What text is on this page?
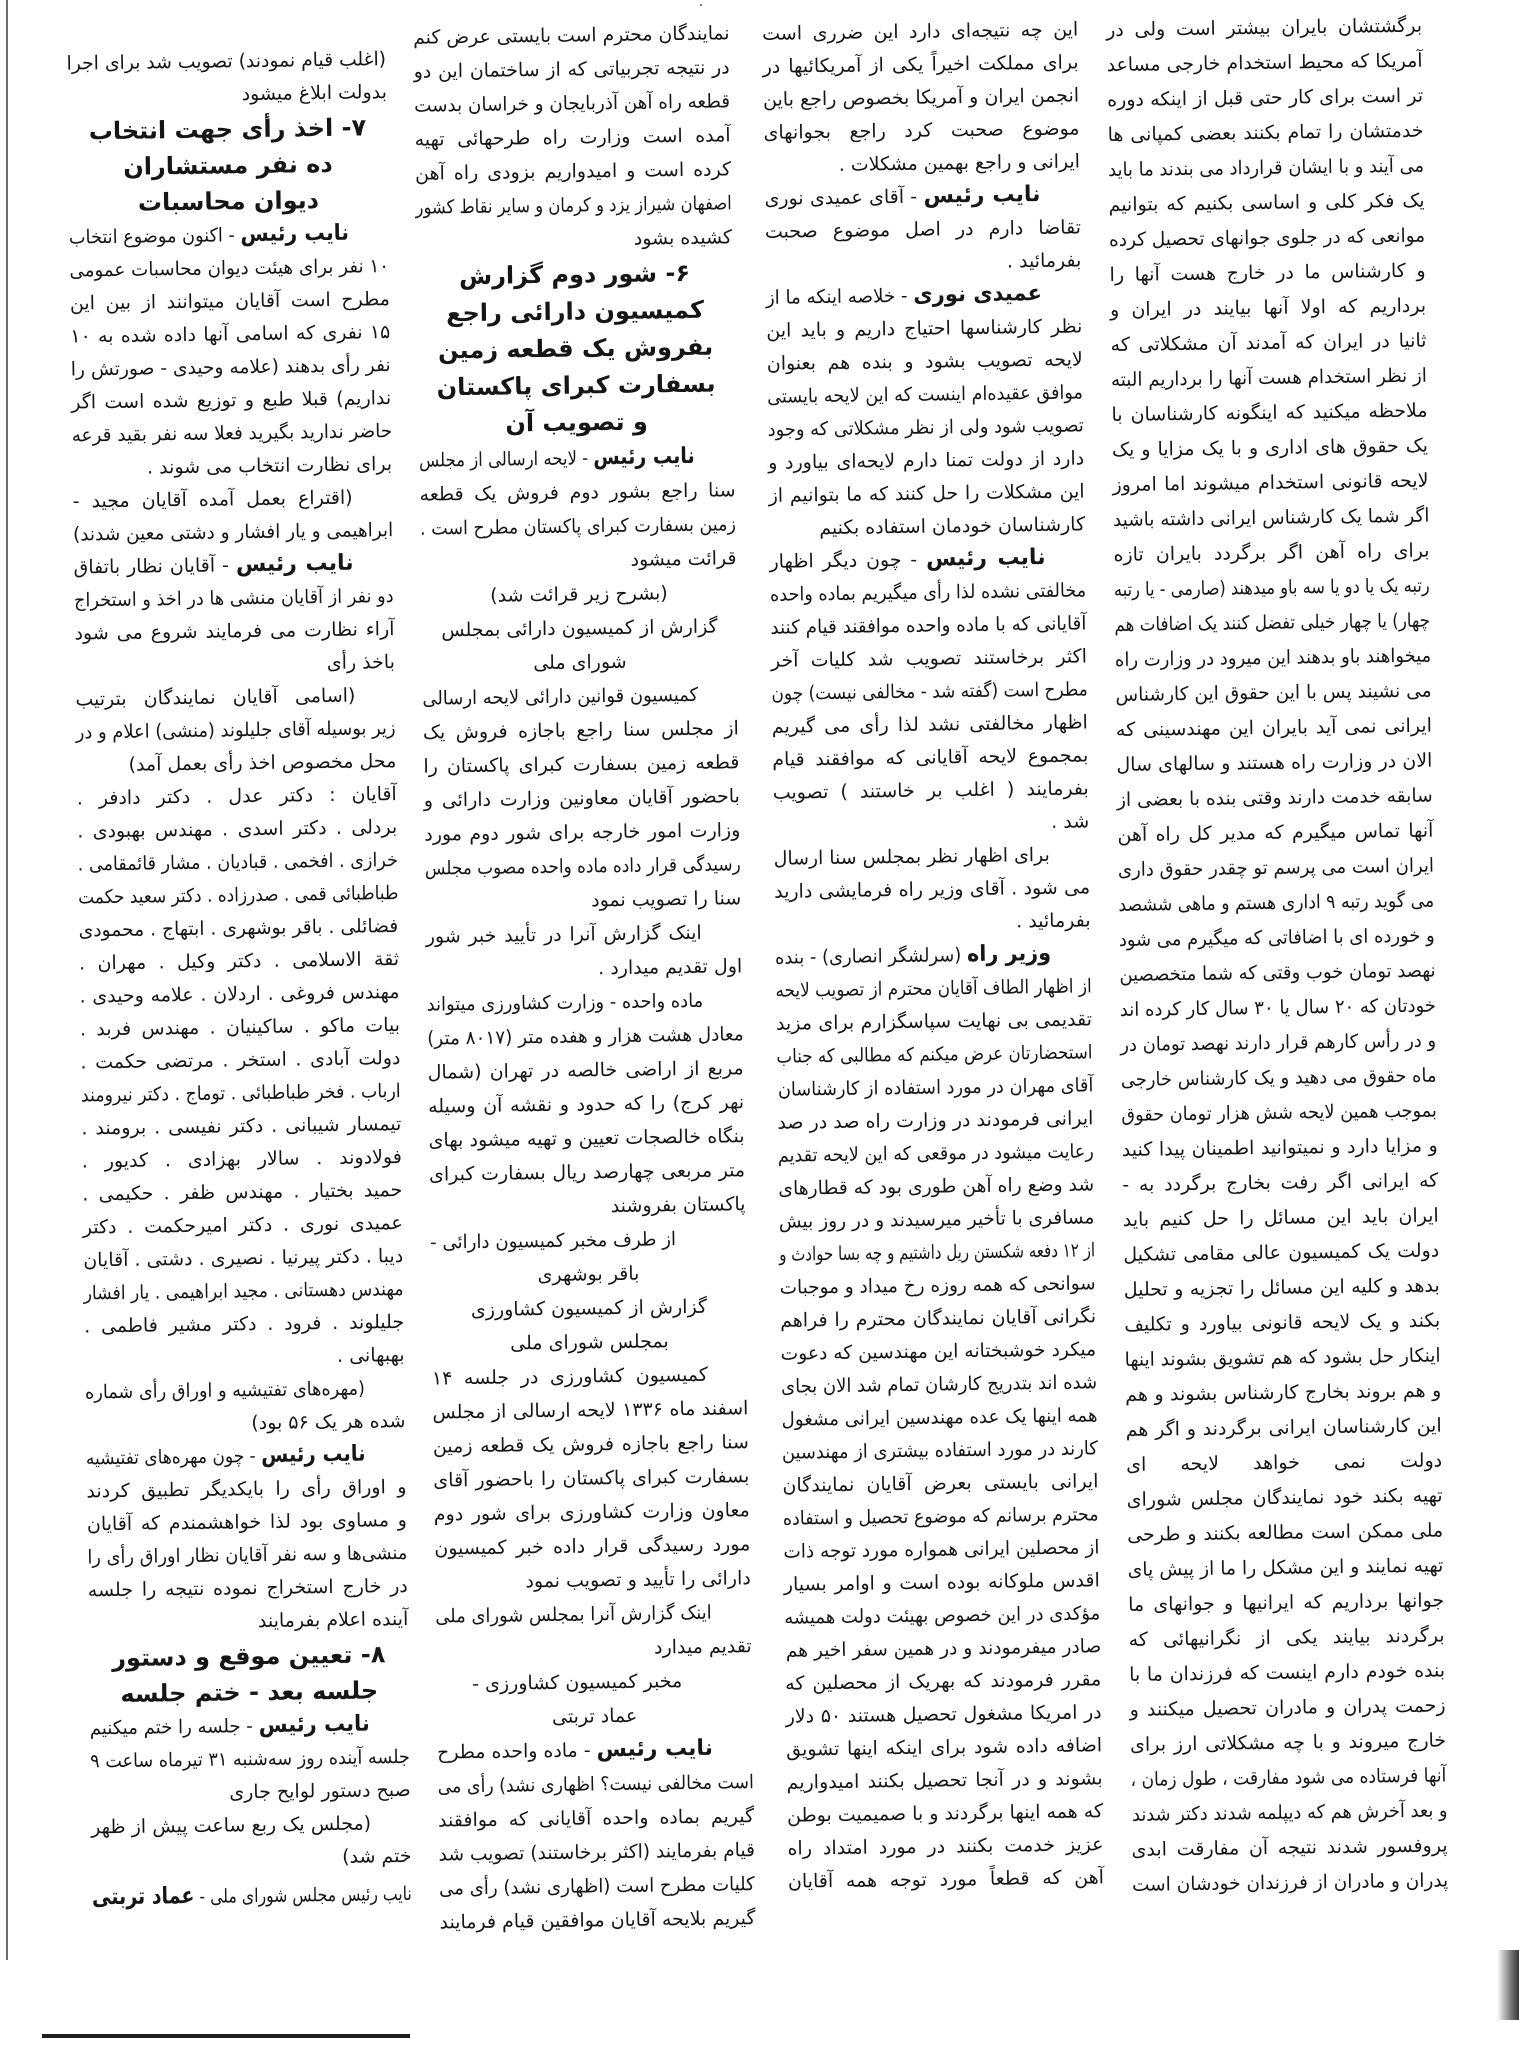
برگشتشان بایران بیشتر است ولی در
آمریکا که محیط استخدام خارجی مساعد
تر است برای کار حتی قبل از اینکه دوره
خدمتشان را تمام بکنند بعضی کمپانی ها
می آیند و با ایشان قرارداد می بندند ما باید
یک فکر کلی و اساسی بکنیم که بتوانیم
موانعی که در جلوی جوانهای تحصیل کرده
و کارشناس ما در خارج هست آنها را
برداریم که اولا آنها بیایند در ایران و
ثانیا در ایران که آمدند آن مشکلاتی که
از نظر استخدام هست آنها را برداریم البته
ملاحظه میکنید که اینگونه کارشناسان با
یک حقوق های اداری و با یک مزایا و یک
لایحه قانونی استخدام میشوند اما امروز
اگر شما یک کارشناس ایرانی داشته باشید
برای راه آهن اگر برگردد بایران تازه
رتبه یک یا دو یا سه باو میدهند (صارمی - یا رتبه
چهار) یا چهار خیلی تفضل کنند یک اضافات هم
میخواهند باو بدهند این میرود در وزارت راه
می نشیند پس با این حقوق این کارشناس
ایرانی نمی آید بایران این مهندسینی که
الان در وزارت راه هستند و سالهای سال
سابقه خدمت دارند وقتی بنده با بعضی از
آنها تماس میگیرم که مدیر کل راه آهن
ایران است می پرسم تو چقدر حقوق داری
می گوید رتبه ۹ اداری هستم و ماهی ششصد
و خورده ای با اضافاتی که میگیرم می شود
نهصد تومان خوب وقتی که شما متخصصین
خودتان که ۲۰ سال یا ۳۰ سال کار کرده اند
و در رأس کارهم قرار دارند نهصد تومان در
ماه حقوق می دهید و یک کارشناس خارجی
بموجب همین لایحه شش هزار تومان حقوق
و مزایا دارد و نمیتوانید اطمینان پیدا کنید
که ایرانی اگر رفت بخارج برگردد به -
ایران باید این مسائل را حل کنیم باید
دولت یک کمیسیون عالی مقامی تشکیل
بدهد و کلیه این مسائل را تجزیه و تحلیل
بکند و یک لایحه قانونی بیاورد و تکلیف
اینکار حل بشود که هم تشویق بشوند اینها
و هم بروند بخارج کارشناس بشوند و هم
این کارشناسان ایرانی برگردند و اگر هم
دولت نمی خواهد لایحه ای
تهیه بکند خود نمایندگان مجلس شورای
ملی ممکن است مطالعه بکنند و طرحی
تهیه نمایند و این مشکل را ما از پیش پای
جوانها برداریم که ایرانیها و جوانهای ما
برگردند بیایند یکی از نگرانیهائی که
بنده خودم دارم اینست که فرزندان ما با
زحمت پدران و مادران تحصیل میکنند و
خارج میروند و با چه مشکلاتی ارز برای
آنها فرستاده می شود مفارقت ، طول زمان ،
و بعد آخرش هم که دیپلمه شدند دکتر شدند
پروفسور شدند نتیجه آن مفارقت ابدی
پدران و مادران از فرزندان خودشان است
این چه نتیجه‌ای دارد این ضرری است
برای مملکت اخیراً یکی از آمریکائیها در
انجمن ایران و آمریکا بخصوص راجع باین
موضوع صحبت کرد راجع بجوانهای
ایرانی و راجع بهمین مشکلات .
نایب رئیس - آقای عمیدی نوری
تقاضا دارم در اصل موضوع صحبت
بفرمائید .
عمیدی نوری - خلاصه اینکه ما از
نظر کارشناسها احتیاج داریم و باید این
لایحه تصویب بشود و بنده هم بعنوان
موافق عقیده‌ام اینست که این لایحه بایستی
تصویب شود ولی از نظر مشکلاتی که وجود
دارد از دولت تمنا دارم لایحه‌ای بیاورد و
این مشکلات را حل کنند که ما بتوانیم از
کارشناسان خودمان استفاده بکنیم
نایب رئیس - چون دیگر اظهار
مخالفتی نشده لذا رأی میگیریم بماده واحده
آقایانی که با ماده واحده موافقند قیام کنند
اکثر برخاستند تصویب شد کلیات آخر
مطرح است (گفته شد - مخالفی نیست) چون
اظهار مخالفتی نشد لذا رأی می گیریم
بمجموع لایحه آقایانی که موافقند قیام
بفرمایند ( اغلب بر خاستند ) تصویب
شد .
برای اظهار نظر بمجلس سنا ارسال
می شود . آقای وزیر راه فرمایشی دارید
بفرمائید .
وزیر راه (سرلشگر انصاری) - بنده
از اظهار الطاف آقایان محترم از تصویب لایحه
تقدیمی بی نهایت سپاسگزارم برای مزید
استحضارتان عرض میکنم که مطالبی که جناب
آقای مهران در مورد استفاده از کارشناسان
ایرانی فرمودند در وزارت راه صد در صد
رعایت میشود در موقعی که این لایحه تقدیم
شد وضع راه آهن طوری بود که قطارهای
مسافری با تأخیر میرسیدند و در روز بیش
از ۱۲ دفعه شکستن ریل داشتیم و چه بسا حوادث و
سوانحی که همه روزه رخ میداد و موجبات
نگرانی آقایان نمایندگان محترم را فراهم
میکرد خوشبختانه این مهندسین که دعوت
شده اند بتدریج کارشان تمام شد الان بجای
همه اینها یک عده مهندسین ایرانی مشغول
کارند در مورد استفاده بیشتری از مهندسین
ایرانی بایستی بعرض آقایان نمایندگان
محترم برسانم که موضوع تحصیل و استفاده
از محصلین ایرانی همواره مورد توجه ذات
اقدس ملوکانه بوده است و اوامر بسیار
مؤکدی در این خصوص بهیئت دولت همیشه
صادر میفرمودند و در همین سفر اخیر هم
مقرر فرمودند که بهریک از محصلین که
در امریکا مشغول تحصیل هستند ۵۰ دلار
اضافه داده شود برای اینکه اینها تشویق
بشوند و در آنجا تحصیل بکنند امیدواریم
که همه اینها برگردند و با صمیمیت بوطن
عزیز خدمت بکنند در مورد امتداد راه
آهن که قطعاً مورد توجه همه آقایان
نمایندگان محترم است بایستی عرض کنم
در نتیجه تجربیاتی که از ساختمان این دو
قطعه راه آهن آذربایجان و خراسان بدست
آمده است وزارت راه طرحهائی تهیه
کرده است و امیدواریم بزودی راه آهن
اصفهان شیراز یزد و کرمان و سایر نقاط کشور
کشیده بشود
۶- شور دوم گزارش
کمیسیون دارائی راجع
بفروش یک قطعه زمین
بسفارت کبرای پاکستان
و تصویب آن
نایب رئیس - لایحه ارسالی از مجلس
سنا راجع بشور دوم فروش یک قطعه
زمین بسفارت کبرای پاکستان مطرح است .
قرائت میشود
(بشرح زیر قرائت شد)
گزارش از کمیسیون دارائی بمجلس
شورای ملی
کمیسیون قوانین دارائی لایحه ارسالی
از مجلس سنا راجع باجازه فروش یک
قطعه زمین بسفارت کبرای پاکستان را
باحضور آقایان معاونین وزارت دارائی و
وزارت امور خارجه برای شور دوم مورد
رسیدگی قرار داده ماده واحده مصوب مجلس
سنا را تصویب نمود
اینک گزارش آنرا در تأیید خبر شور
اول تقدیم میدارد .
ماده واحده - وزارت کشاورزی میتواند
معادل هشت هزار و هفده متر (۸۰۱۷ متر)
مربع از اراضی خالصه در تهران (شمال
نهر کرج) را که حدود و نقشه آن وسیله
بنگاه خالصجات تعیین و تهیه میشود بهای
متر مربعی چهارصد ریال بسفارت کبرای
پاکستان بفروشند
از طرف مخبر کمیسیون دارائی -
باقر بوشهری
گزارش از کمیسیون کشاورزی
بمجلس شورای ملی
کمیسیون کشاورزی در جلسه ۱۴
اسفند ماه ۱۳۳۶ لایحه ارسالی از مجلس
سنا راجع باجازه فروش یک قطعه زمین
بسفارت کبرای پاکستان را باحضور آقای
معاون وزارت کشاورزی برای شور دوم
مورد رسیدگی قرار داده خبر کمیسیون
دارائی را تأیید و تصویب نمود
اینک گزارش آنرا بمجلس شورای ملی
تقدیم میدارد
مخبر کمیسیون کشاورزی -
عماد تربتی
نایب رئیس - ماده واحده مطرح
است مخالفی نیست؟ اظهاری نشد) رأی می
گیریم بماده واحده آقایانی که موافقند
قیام بفرمایند (اکثر برخاستند) تصویب شد
کلیات مطرح است (اظهاری نشد) رأی می
گیریم بلایحه آقایان موافقین قیام فرمایند
(اغلب قیام نمودند) تصویب شد برای اجرا
بدولت ابلاغ میشود
۷- اخذ رأی جهت انتخاب
ده نفر مستشاران
دیوان محاسبات
نایب رئیس - اکنون موضوع انتخاب
۱۰ نفر برای هیئت دیوان محاسبات عمومی
مطرح است آقایان میتوانند از بین این
۱۵ نفری که اسامی آنها داده شده به ۱۰
نفر رأی بدهند (علامه وحیدی - صورتش را
نداریم) قبلا طبع و توزیع شده است اگر
حاضر ندارید بگیرید فعلا سه نفر بقید قرعه
برای نظارت انتخاب می شوند .
(اقتراع بعمل آمده آقایان مجید -
ابراهیمی و یار افشار و دشتی معین شدند)
نایب رئیس - آقایان نظار باتفاق
دو نفر از آقایان منشی ها در اخذ و استخراج
آراء نظارت می فرمایند شروع می شود
باخذ رأی
(اسامی آقایان نمایندگان بترتیب
زیر بوسیله آقای جلیلوند (منشی) اعلام و در
محل مخصوص اخذ رأی بعمل آمد)
آقایان : دکتر عدل . دکتر دادفر .
بردلی . دکتر اسدی . مهندس بهبودی .
خرازی . افخمی . قبادیان . مشار قائمقامی .
طباطبائی قمی . صدرزاده . دکتر سعید حکمت
فضائلی . باقر بوشهری . ابتهاج . محمودی
ثقة الاسلامی . دکتر وکیل . مهران .
مهندس فروغی . اردلان . علامه وحیدی .
بیات ماکو . ساکینیان . مهندس فربد .
دولت آبادی . استخر . مرتضی حکمت .
ارباب . فخر طباطبائی . توماج . دکتر نیرومند
تیمسار شیبانی . دکتر نفیسی . برومند .
فولادوند . سالار بهزادی . کدیور .
حمید بختیار . مهندس ظفر . حکیمی .
عمیدی نوری . دکتر امیرحکمت . دکتر
دیبا . دکتر پیرنیا . نصیری . دشتی . آقایان
مهندس دهستانی . مجید ابراهیمی . یار افشار
جلیلوند . فرود . دکتر مشیر فاطمی .
بهبهانی .
(مهره‌های تفتیشیه و اوراق رأی شماره
شده هر یک ۵۶ بود)
نایب رئیس - چون مهره‌های تفتیشیه
و اوراق رأی را بایکدیگر تطبیق کردند
و مساوی بود لذا خواهشمندم که آقایان
منشی‌ها و سه نفر آقایان نظار اوراق رأی را
در خارج استخراج نموده نتیجه را جلسه
آینده اعلام بفرمایند
۸- تعیین موقع و دستور
جلسه بعد - ختم جلسه
نایب رئیس - جلسه را ختم میکنیم
جلسه آینده روز سه‌شنبه ۳۱ تیرماه ساعت ۹
صبح دستور لوایح جاری
(مجلس یک ربع ساعت پیش از ظهر
ختم شد)
نایب رئیس مجلس شورای ملی - عماد تربتی
